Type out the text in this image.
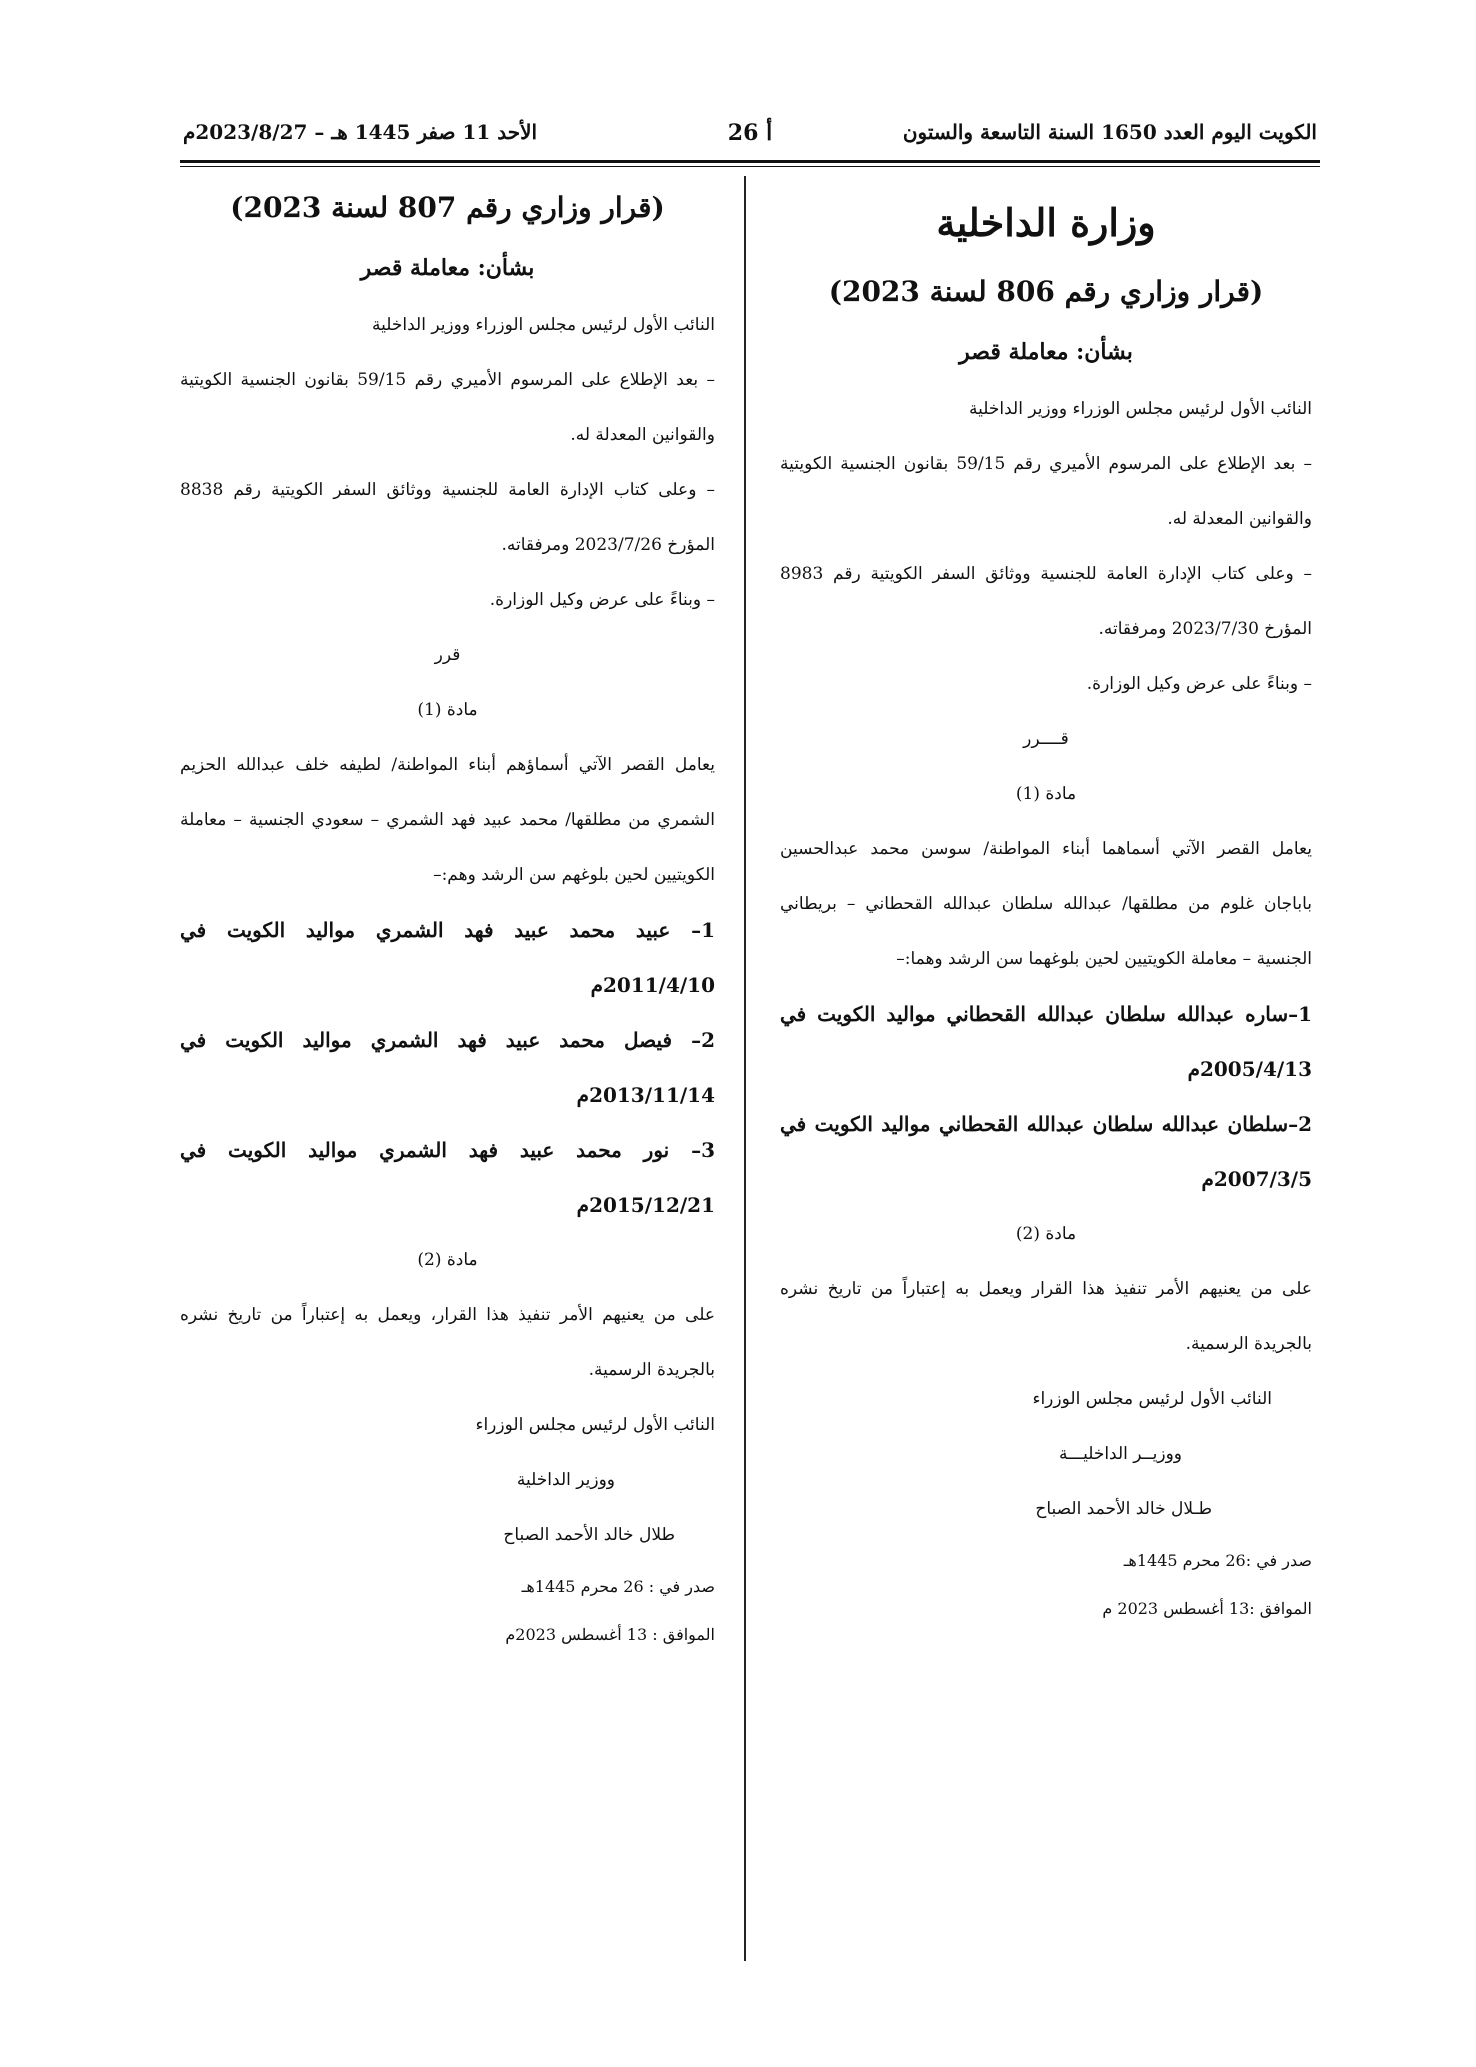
الكويت اليوم العدد 1650 السنة التاسعة والستون
أ 26
الأحد 11 صفر 1445 هـ – 2023/8/27م
وزارة الداخلية
(قرار وزاري رقم 806 لسنة 2023)
بشأن: معاملة قصر

النائب الأول لرئيس مجلس الوزراء ووزير الداخلية

– بعد الإطلاع على المرسوم الأميري رقم 59/15 بقانون الجنسية الكويتية والقوانين المعدلة له.

– وعلى كتاب الإدارة العامة للجنسية ووثائق السفر الكويتية رقم 8983 المؤرخ 2023/7/30 ومرفقاته.

– وبناءً على عرض وكيل الوزارة.

قــــرر

مادة (1)

يعامل القصر الآتي أسماهما أبناء المواطنة/ سوسن محمد عبدالحسين باباجان غلوم من مطلقها/ عبدالله سلطان عبدالله القحطاني – بريطاني الجنسية – معاملة الكويتيين لحين بلوغهما سن الرشد وهما:–

1–ساره عبدالله سلطان عبدالله القحطاني مواليد الكويت في 2005/4/13م

2–سلطان عبدالله سلطان عبدالله القحطاني مواليد الكويت في 2007/3/5م

مادة (2)

على من يعنيهم الأمر تنفيذ هذا القرار ويعمل به إعتباراً من تاريخ نشره بالجريدة الرسمية.

النائب الأول لرئيس مجلس الوزراء

ووزيــر الداخليـــة

طـلال خالد الأحمد الصباح

صدر في :26 محرم 1445هـ

الموافق :13 أغسطس 2023 م

(قرار وزاري رقم 807 لسنة 2023)
بشأن: معاملة قصر

النائب الأول لرئيس مجلس الوزراء ووزير الداخلية

– بعد الإطلاع على المرسوم الأميري رقم 59/15 بقانون الجنسية الكويتية والقوانين المعدلة له.

– وعلى كتاب الإدارة العامة للجنسية ووثائق السفر الكويتية رقم 8838 المؤرخ 2023/7/26 ومرفقاته.

– وبناءً على عرض وكيل الوزارة.

قرر

مادة (1)

يعامل القصر الآتي أسماؤهم أبناء المواطنة/ لطيفه خلف عبدالله الحزيم الشمري من مطلقها/ محمد عبيد فهد الشمري – سعودي الجنسية – معاملة الكويتيين لحين بلوغهم سن الرشد وهم:–

1– عبيد محمد عبيد فهد الشمري مواليد الكويت في 2011/4/10م

2– فيصل محمد عبيد فهد الشمري مواليد الكويت في 2013/11/14م

3– نور محمد عبيد فهد الشمري مواليد الكويت في 2015/12/21م

مادة (2)

على من يعنيهم الأمر تنفيذ هذا القرار، ويعمل به إعتباراً من تاريخ نشره بالجريدة الرسمية.

النائب الأول لرئيس مجلس الوزراء

ووزير الداخلية

طلال خالد الأحمد الصباح

صدر في : 26 محرم 1445هـ

الموافق : 13 أغسطس 2023م
